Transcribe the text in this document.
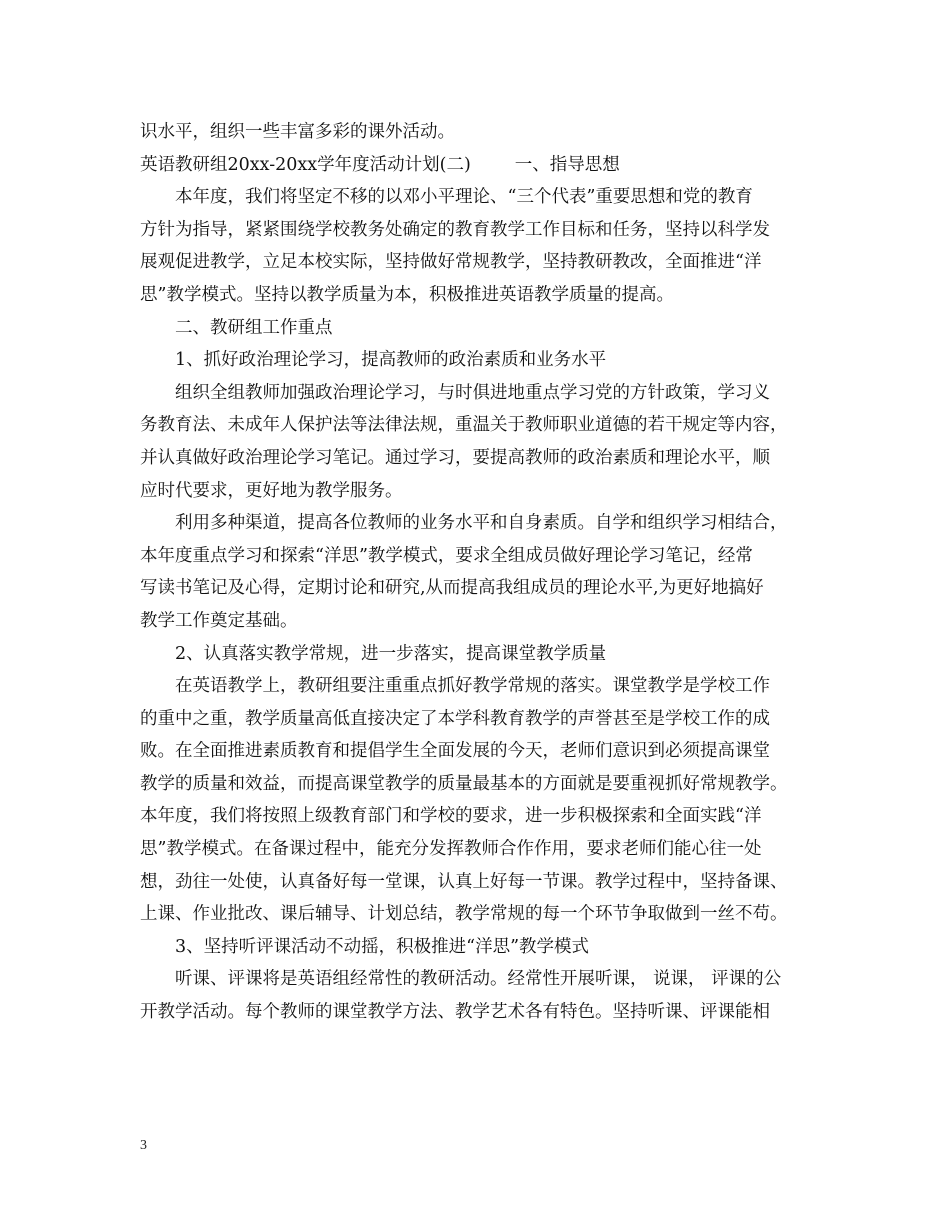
识水平，组织一些丰富多彩的课外活动。
英语教研组20xx-20xx学年度活动计划(二)	一、指导思想
本年度，我们将坚定不移的以邓小平理论、“三个代表”重要思想和党的教育
方针为指导，紧紧围绕学校教务处确定的教育教学工作目标和任务，坚持以科学发
展观促进教学，立足本校实际，坚持做好常规教学，坚持教研教改，全面推进“洋
思”教学模式。坚持以教学质量为本，积极推进英语教学质量的提高。
二、教研组工作重点
1、抓好政治理论学习，提高教师的政治素质和业务水平
组织全组教师加强政治理论学习，与时俱进地重点学习党的方针政策，学习义
务教育法、未成年人保护法等法律法规，重温关于教师职业道德的若干规定等内容，
并认真做好政治理论学习笔记。通过学习，要提高教师的政治素质和理论水平，顺
应时代要求，更好地为教学服务。
利用多种渠道，提高各位教师的业务水平和自身素质。自学和组织学习相结合，
本年度重点学习和探索“洋思”教学模式，要求全组成员做好理论学习笔记，经常
写读书笔记及心得，定期讨论和研究,从而提高我组成员的理论水平,为更好地搞好
教学工作奠定基础。
2、认真落实教学常规，进一步落实，提高课堂教学质量
在英语教学上，教研组要注重重点抓好教学常规的落实。课堂教学是学校工作
的重中之重，教学质量高低直接决定了本学科教育教学的声誉甚至是学校工作的成
败。在全面推进素质教育和提倡学生全面发展的今天，老师们意识到必须提高课堂
教学的质量和效益，而提高课堂教学的质量最基本的方面就是要重视抓好常规教学。
本年度，我们将按照上级教育部门和学校的要求，进一步积极探索和全面实践“洋
思”教学模式。在备课过程中，能充分发挥教师合作作用，要求老师们能心往一处
想，劲往一处使，认真备好每一堂课，认真上好每一节课。教学过程中，坚持备课、
上课、作业批改、课后辅导、计划总结，教学常规的每一个环节争取做到一丝不苟。
3、坚持听评课活动不动摇，积极推进“洋思”教学模式
听课、评课将是英语组经常性的教研活动。经常性开展听课， 说课， 评课的公
开教学活动。每个教师的课堂教学方法、教学艺术各有特色。坚持听课、评课能相
3
